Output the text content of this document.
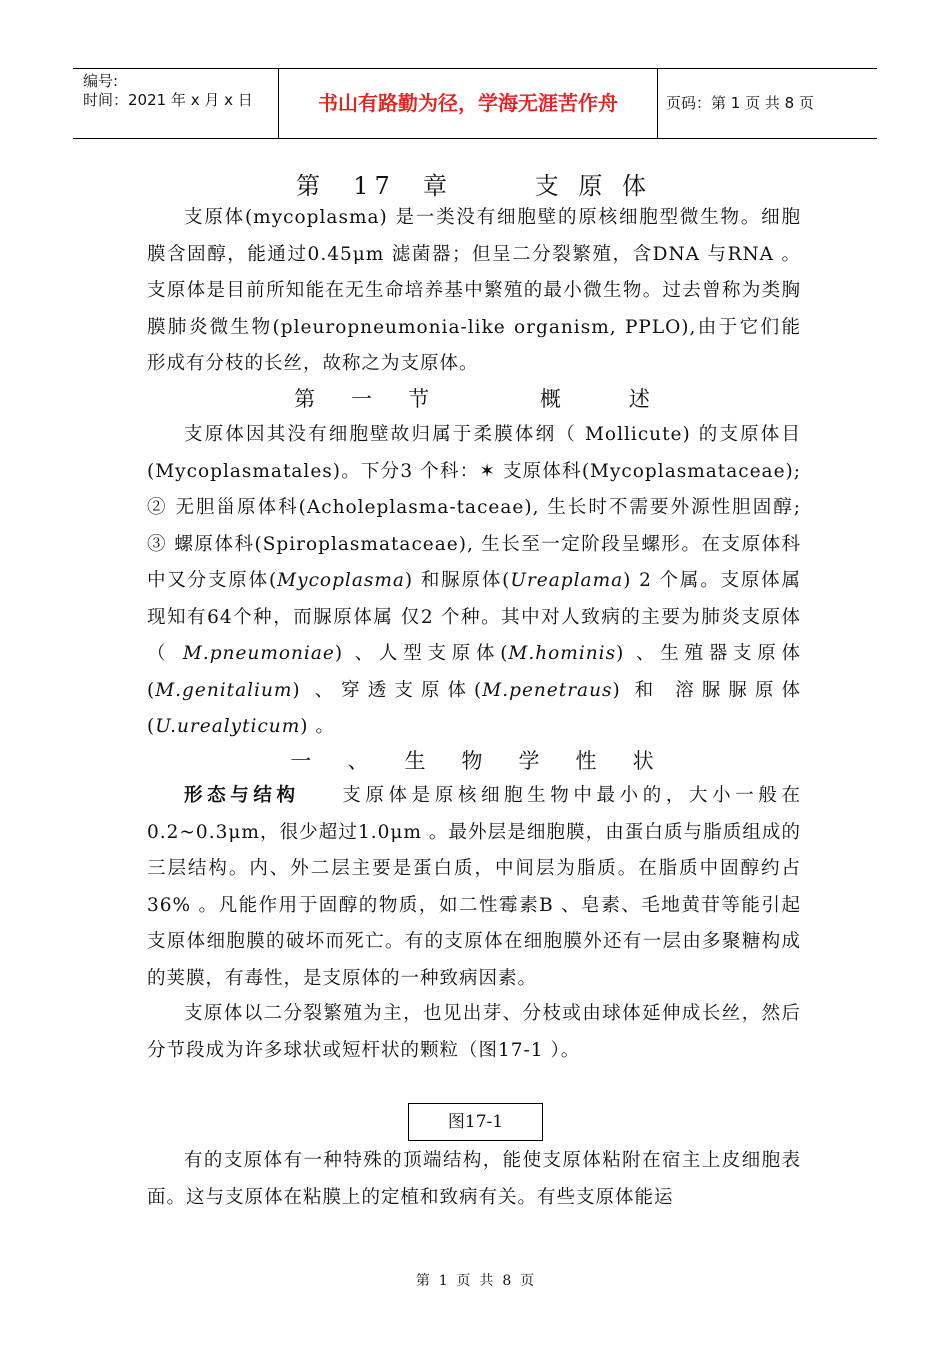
编号:
时间：2021 年 x 月 x 日	书山有路勤为径，学海无涯苦作舟	页码：第 1 页 共 8 页
第  17  章      支 原 体

支原体(mycoplasma) 是一类没有细胞壁的原核细胞型微生物。细胞膜含固醇，能通过0.45μm 滤菌器；但呈二分裂繁殖，含DNA 与RNA 。支原体是目前所知能在无生命培养基中繁殖的最小微生物。过去曾称为类胸膜肺炎微生物(pleuropneumonia-like organism, PPLO),由于它们能形成有分枝的长丝，故称之为支原体。

第   一   节          概      述

支原体因其没有细胞壁故归属于柔膜体纲（ Mollicute) 的支原体目(Mycoplasmatales)。下分3 个科：✶ 支原体科(Mycoplasmataceae); ② 无胆甾原体科(Acholeplasma-taceae), 生长时不需要外源性胆固醇; ③ 螺原体科(Spiroplasmataceae), 生长至一定阶段呈螺形。在支原体科中又分支原体(Mycoplasma) 和脲原体(Ureaplama) 2 个属。支原体属现知有64个种，而脲原体属 仅2 个种。其中对人致病的主要为肺炎支原体 （ M.pneumoniae) 、人型支原体(M.hominis) 、生殖器支原体(M.genitalium) 、穿透支原体(M.penetraus) 和 溶脲脲原体(U.urealyticum) 。

一   、   生   物   学   性   状

形态与结构   支原体是原核细胞生物中最小的，大小一般在0.2~0.3μm，很少超过1.0μm 。最外层是细胞膜，由蛋白质与脂质组成的三层结构。内、外二层主要是蛋白质，中间层为脂质。在脂质中固醇约占36% 。凡能作用于固醇的物质，如二性霉素B 、皂素、毛地黄苷等能引起支原体细胞膜的破坏而死亡。有的支原体在细胞膜外还有一层由多聚糖构成的荚膜，有毒性，是支原体的一种致病因素。

支原体以二分裂繁殖为主，也见出芽、分枝或由球体延伸成长丝，然后分节段成为许多球状或短杆状的颗粒（图17-1 ）。

图17-1

有的支原体有一种特殊的顶端结构，能使支原体粘附在宿主上皮细胞表面。这与支原体在粘膜上的定植和致病有关。有些支原体能运

第  1  页  共  8  页
